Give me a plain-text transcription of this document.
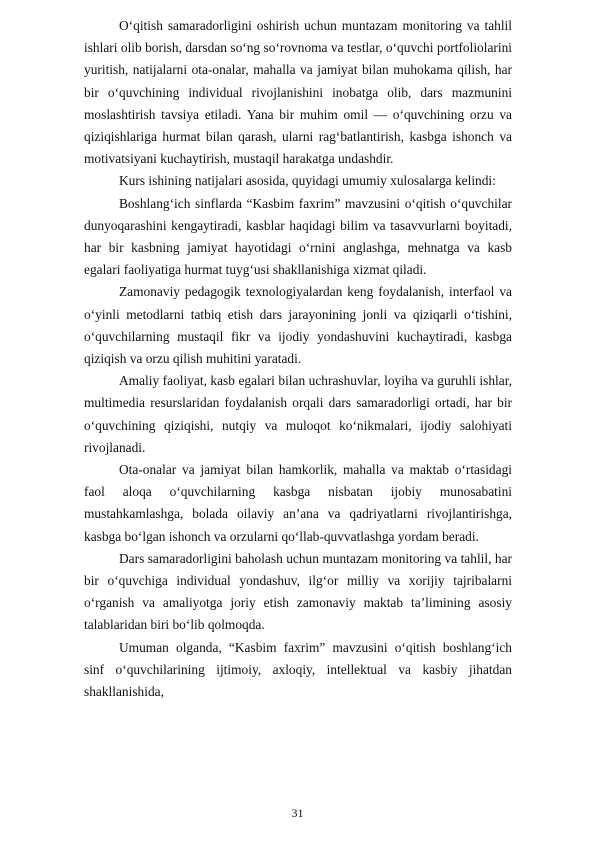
O‘qitish samaradorligini oshirish uchun muntazam monitoring va tahlil ishlari olib borish, darsdan so‘ng so‘rovnoma va testlar, o‘quvchi portfoliolarini yuritish, natijalarni ota-onalar, mahalla va jamiyat bilan muhokama qilish, har bir o‘quvchining individual rivojlanishini inobatga olib, dars mazmunini moslashtirish tavsiya etiladi. Yana bir muhim omil — o‘quvchining orzu va qiziqishlariga hurmat bilan qarash, ularni rag‘batlantirish, kasbga ishonch va motivatsiyani kuchaytirish, mustaqil harakatga undashdir.

Kurs ishining natijalari asosida, quyidagi umumiy xulosalarga kelindi:

Boshlang‘ich sinflarda “Kasbim faxrim” mavzusini o‘qitish o‘quvchilar dunyoqarashini kengaytiradi, kasblar haqidagi bilim va tasavvurlarni boyitadi, har bir kasbning jamiyat hayotidagi o‘rnini anglashga, mehnatga va kasb egalari faoliyatiga hurmat tuyg‘usi shakllanishiga xizmat qiladi.

Zamonaviy pedagogik texnologiyalardan keng foydalanish, interfaol va o‘yinli metodlarni tatbiq etish dars jarayonining jonli va qiziqarli o‘tishini, o‘quvchilarning mustaqil fikr va ijodiy yondashuvini kuchaytiradi, kasbga qiziqish va orzu qilish muhitini yaratadi.

Amaliy faoliyat, kasb egalari bilan uchrashuvlar, loyiha va guruhli ishlar, multimedia resurslaridan foydalanish orqali dars samaradorligi ortadi, har bir o‘quvchining qiziqishi, nutqiy va muloqot ko‘nikmalari, ijodiy salohiyati rivojlanadi.

Ota-onalar va jamiyat bilan hamkorlik, mahalla va maktab o‘rtasidagi faol aloqa o‘quvchilarning kasbga nisbatan ijobiy munosabatini mustahkamlashga, bolada oilaviy an’ana va qadriyatlarni rivojlantirishga, kasbga bo‘lgan ishonch va orzularni qo‘llab-quvvatlashga yordam beradi.

Dars samaradorligini baholash uchun muntazam monitoring va tahlil, har bir o‘quvchiga individual yondashuv, ilg‘or milliy va xorijiy tajribalarni o‘rganish va amaliyotga joriy etish zamonaviy maktab ta’limining asosiy talablaridan biri bo‘lib qolmoqda.

Umuman olganda, “Kasbim faxrim” mavzusini o‘qitish boshlang‘ich sinf o‘quvchilarining ijtimoiy, axloqiy, intellektual va kasbiy jihatdan shakllanishida,

31
